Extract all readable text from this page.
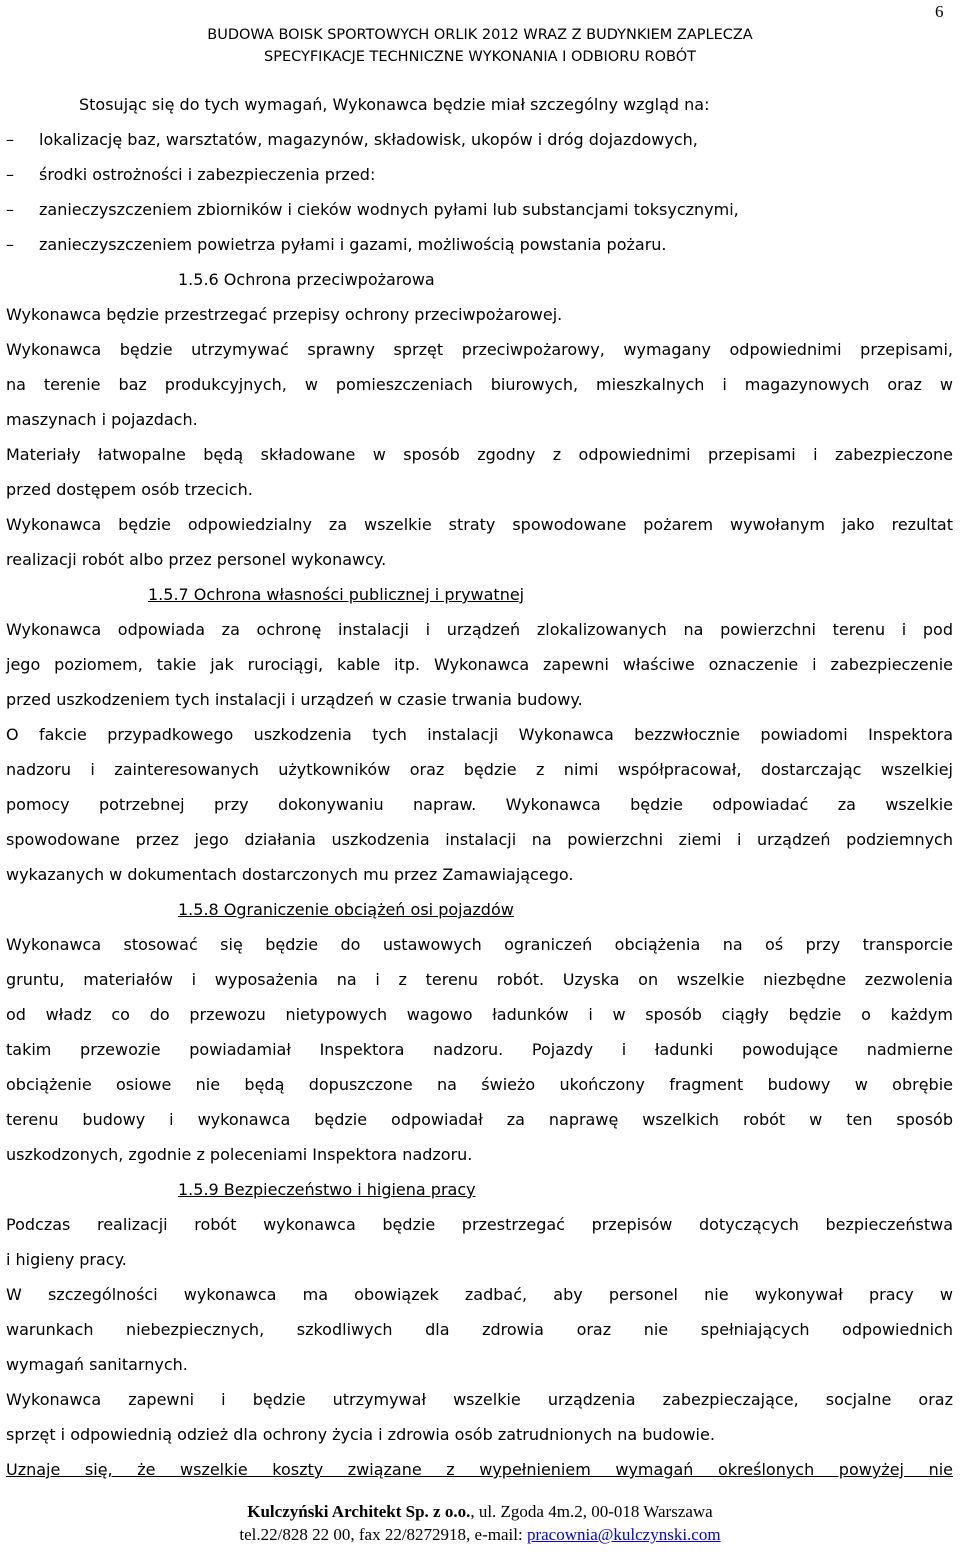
6
BUDOWA BOISK SPORTOWYCH ORLIK 2012 WRAZ Z BUDYNKIEM ZAPLECZA
SPECYFIKACJE TECHNICZNE WYKONANIA I ODBIORU ROBÓT
Stosując się do tych wymagań, Wykonawca będzie miał szczególny wzgląd na:
– lokalizację baz, warsztatów, magazynów, składowisk, ukopów i dróg dojazdowych,
– środki ostrożności i zabezpieczenia przed:
– zanieczyszczeniem zbiorników i cieków wodnych pyłami lub substancjami toksycznymi,
– zanieczyszczeniem powietrza pyłami i gazami, możliwością powstania pożaru.
1.5.6 Ochrona przeciwpożarowa
Wykonawca będzie przestrzegać przepisy ochrony przeciwpożarowej.
Wykonawca będzie utrzymywać sprawny sprzęt przeciwpożarowy, wymagany odpowiednimi przepisami,
na terenie baz produkcyjnych, w pomieszczeniach biurowych, mieszkalnych i magazynowych oraz w
maszynach i pojazdach.
Materiały łatwopalne będą składowane w sposób zgodny z odpowiednimi przepisami i zabezpieczone
przed dostępem osób trzecich.
Wykonawca będzie odpowiedzialny za wszelkie straty spowodowane pożarem wywołanym jako rezultat
realizacji robót albo przez personel wykonawcy.
1.5.7 Ochrona własności publicznej i prywatnej
Wykonawca odpowiada za ochronę instalacji i urządzeń zlokalizowanych na powierzchni terenu i pod
jego poziomem, takie jak rurociągi, kable itp. Wykonawca zapewni właściwe oznaczenie i zabezpieczenie
przed uszkodzeniem tych instalacji i urządzeń w czasie trwania budowy.
O fakcie przypadkowego uszkodzenia tych instalacji Wykonawca bezzwłocznie powiadomi Inspektora
nadzoru i zainteresowanych użytkowników oraz będzie z nimi współpracował, dostarczając wszelkiej
pomocy potrzebnej przy dokonywaniu napraw. Wykonawca będzie odpowiadać za wszelkie
spowodowane przez jego działania uszkodzenia instalacji na powierzchni ziemi i urządzeń podziemnych
wykazanych w dokumentach dostarczonych mu przez Zamawiającego.
1.5.8 Ograniczenie obciążeń osi pojazdów
Wykonawca stosować się będzie do ustawowych ograniczeń obciążenia na oś przy transporcie
gruntu, materiałów i wyposażenia na i z terenu robót. Uzyska on wszelkie niezbędne zezwolenia
od władz co do przewozu nietypowych wagowo ładunków i w sposób ciągły będzie o każdym
takim przewozie powiadamiał Inspektora nadzoru. Pojazdy i ładunki powodujące nadmierne
obciążenie osiowe nie będą dopuszczone na świeżo ukończony fragment budowy w obrębie
terenu budowy i wykonawca będzie odpowiadał za naprawę wszelkich robót w ten sposób
uszkodzonych, zgodnie z poleceniami Inspektora nadzoru.
1.5.9 Bezpieczeństwo i higiena pracy
Podczas realizacji robót wykonawca będzie przestrzegać przepisów dotyczących bezpieczeństwa
i higieny pracy.
W szczególności wykonawca ma obowiązek zadbać, aby personel nie wykonywał pracy w
warunkach niebezpiecznych, szkodliwych dla zdrowia oraz nie spełniających odpowiednich
wymagań sanitarnych.
Wykonawca zapewni i będzie utrzymywał wszelkie urządzenia zabezpieczające, socjalne oraz
sprzęt i odpowiednią odzież dla ochrony życia i zdrowia osób zatrudnionych na budowie.
Uznaje się, że wszelkie koszty związane z wypełnieniem wymagań określonych powyżej nie
Kulczyński Architekt Sp. z o.o., ul. Zgoda 4m.2, 00-018 Warszawa
tel.22/828 22 00, fax 22/8272918, e-mail: pracownia@kulczynski.com
